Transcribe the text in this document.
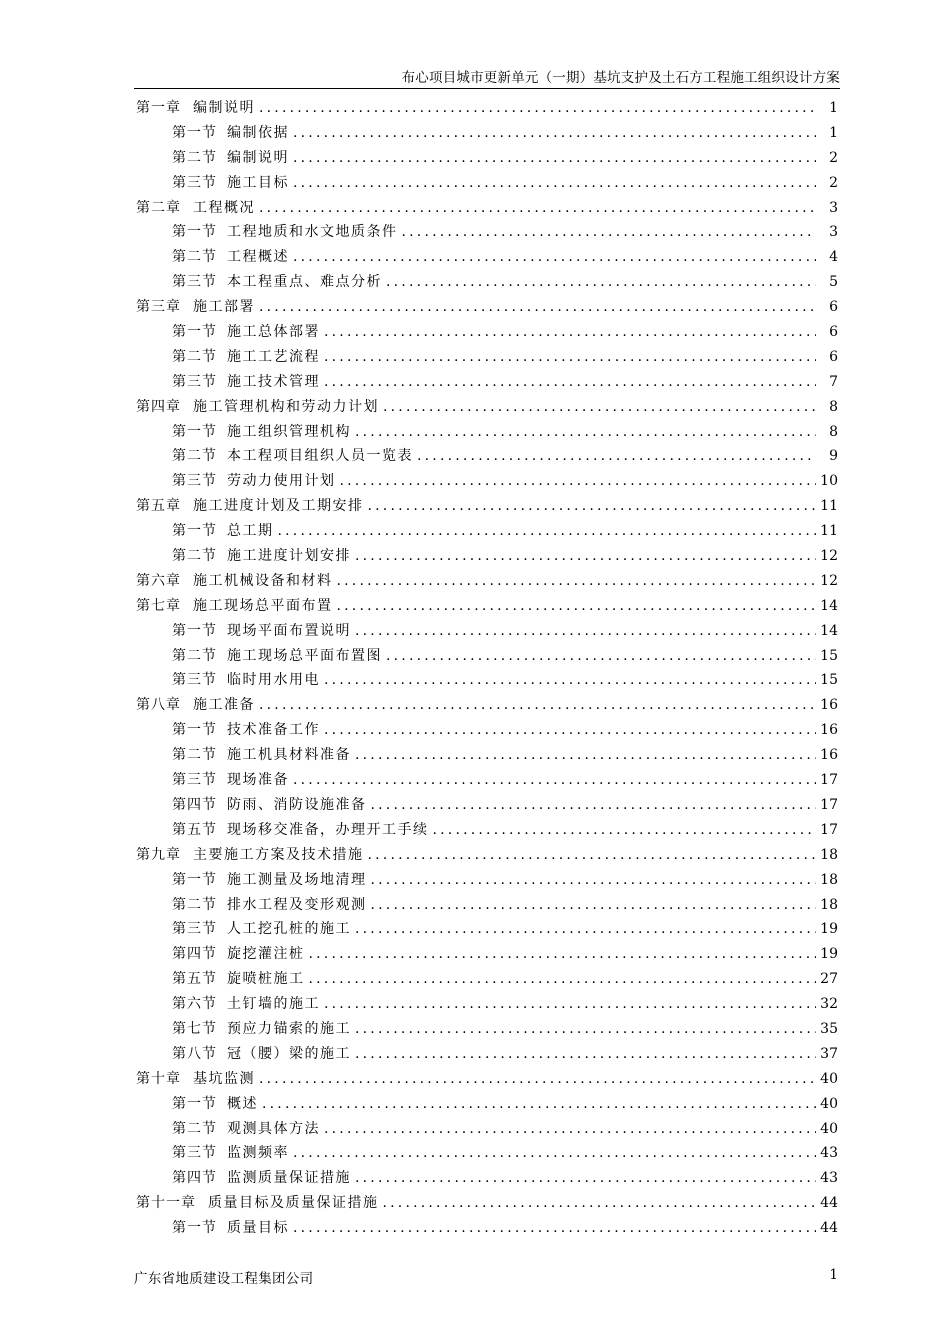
布心项目城市更新单元（一期）基坑支护及土石方工程施工组织设计方案
第一章 编制说明 .....	1
第一节 编制依据 .....	1
第二节 编制说明 .....	2
第三节 施工目标 .....	2
第二章 工程概况 .....	3
第一节 工程地质和水文地质条件 .....	3
第二节 工程概述 .....	4
第三节 本工程重点、难点分析 .....	5
第三章 施工部署 .....	6
第一节 施工总体部署 .....	6
第二节 施工工艺流程 .....	6
第三节 施工技术管理 .....	7
第四章 施工管理机构和劳动力计划 .....	8
第一节 施工组织管理机构 .....	8
第二节 本工程项目组织人员一览表 .....	9
第三节 劳动力使用计划 .....	10
第五章 施工进度计划及工期安排 .....	11
第一节 总工期 .....	11
第二节 施工进度计划安排 .....	12
第六章 施工机械设备和材料 .....	12
第七章 施工现场总平面布置 .....	14
第一节 现场平面布置说明 .....	14
第二节 施工现场总平面布置图 .....	15
第三节 临时用水用电 .....	15
第八章 施工准备 .....	16
第一节 技术准备工作 .....	16
第二节 施工机具材料准备 .....	16
第三节 现场准备 .....	17
第四节 防雨、消防设施准备 .....	17
第五节 现场移交准备，办理开工手续 .....	17
第九章 主要施工方案及技术措施 .....	18
第一节 施工测量及场地清理 .....	18
第二节 排水工程及变形观测 .....	18
第三节 人工挖孔桩的施工 .....	19
第四节 旋挖灌注桩 .....	19
第五节 旋喷桩施工 .....	27
第六节 土钉墙的施工 .....	32
第七节 预应力锚索的施工 .....	35
第八节 冠（腰）梁的施工 .....	37
第十章 基坑监测 .....	40
第一节 概述 .....	40
第二节 观测具体方法 .....	40
第三节 监测频率 .....	43
第四节 监测质量保证措施 .....	43
第十一章 质量目标及质量保证措施 .....	44
第一节 质量目标 .....	44
广东省地质建设工程集团公司	1
